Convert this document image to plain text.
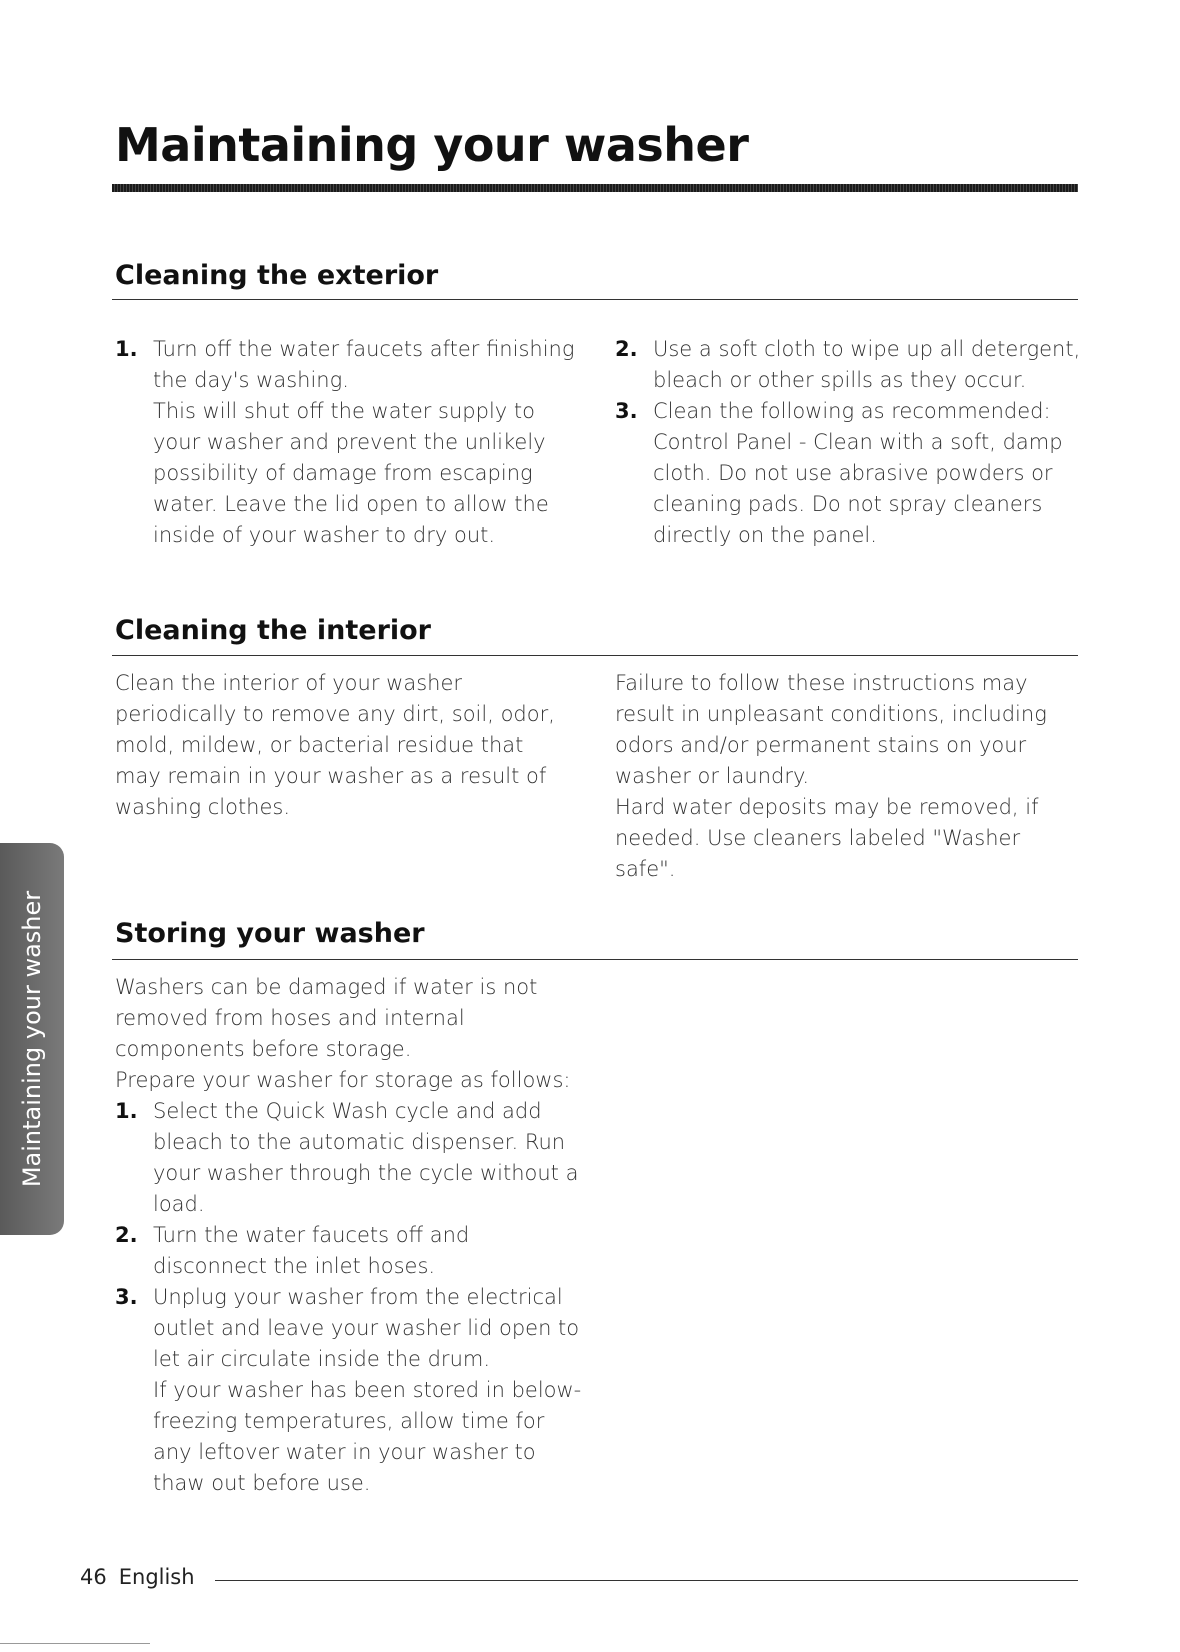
Maintaining your washer
Cleaning the exterior
1. Turn off the water faucets after finishing the day's washing.

This will shut off the water supply to your washer and prevent the unlikely possibility of damage from escaping water. Leave the lid open to allow the inside of your washer to dry out.

2. Use a soft cloth to wipe up all detergent, bleach or other spills as they occur.

3. Clean the following as recommended:

Control Panel - Clean with a soft, damp cloth. Do not use abrasive powders or cleaning pads. Do not spray cleaners directly on the panel.

Cleaning the interior

Clean the interior of your washer periodically to remove any dirt, soil, odor, mold, mildew, or bacterial residue that may remain in your washer as a result of washing clothes.

Failure to follow these instructions may result in unpleasant conditions, including odors and/or permanent stains on your washer or laundry.

Hard water deposits may be removed, if needed. Use cleaners labeled "Washer safe".

Storing your washer

Washers can be damaged if water is not removed from hoses and internal components before storage.

Prepare your washer for storage as follows:

1. Select the Quick Wash cycle and add bleach to the automatic dispenser. Run your washer through the cycle without a load.

2. Turn the water faucets off and disconnect the inlet hoses.

3. Unplug your washer from the electrical outlet and leave your washer lid open to let air circulate inside the drum.

If your washer has been stored in below-freezing temperatures, allow time for any leftover water in your washer to thaw out before use.

Maintaining your washer
46 English
